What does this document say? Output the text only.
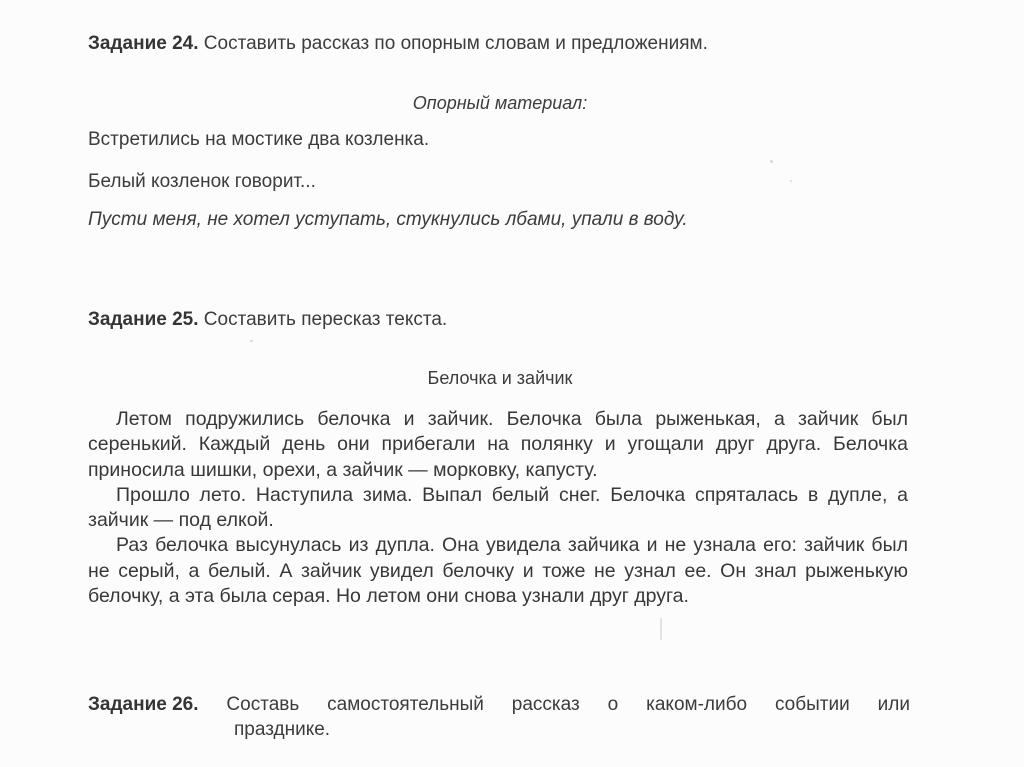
Задание 24. Составить рассказ по опорным словам и предложениям.
Опорный материал:
Встретились на мостике два козленка.
Белый козленок говорит...
Пусти меня, не хотел уступать, стукнулись лбами, упали в воду.
Задание 25. Составить пересказ текста.
Белочка и зайчик

Летом подружились белочка и зайчик. Белочка была рыженькая, а зайчик был серенький. Каждый день они прибегали на полянку и угощали друг друга. Белочка приносила шишки, орехи, а зайчик — морковку, капусту.

Прошло лето. Наступила зима. Выпал белый снег. Белочка спряталась в дупле, а зайчик — под елкой.

Раз белочка высунулась из дупла. Она увидела зайчика и не узнала его: зайчик был не серый, а белый. А зайчик увидел белочку и тоже не узнал ее. Он знал рыженькую белочку, а эта была серая. Но летом они снова узнали друг друга.

Задание 26. Составь самостоятельный рассказ о каком-либо событии или
празднике.
